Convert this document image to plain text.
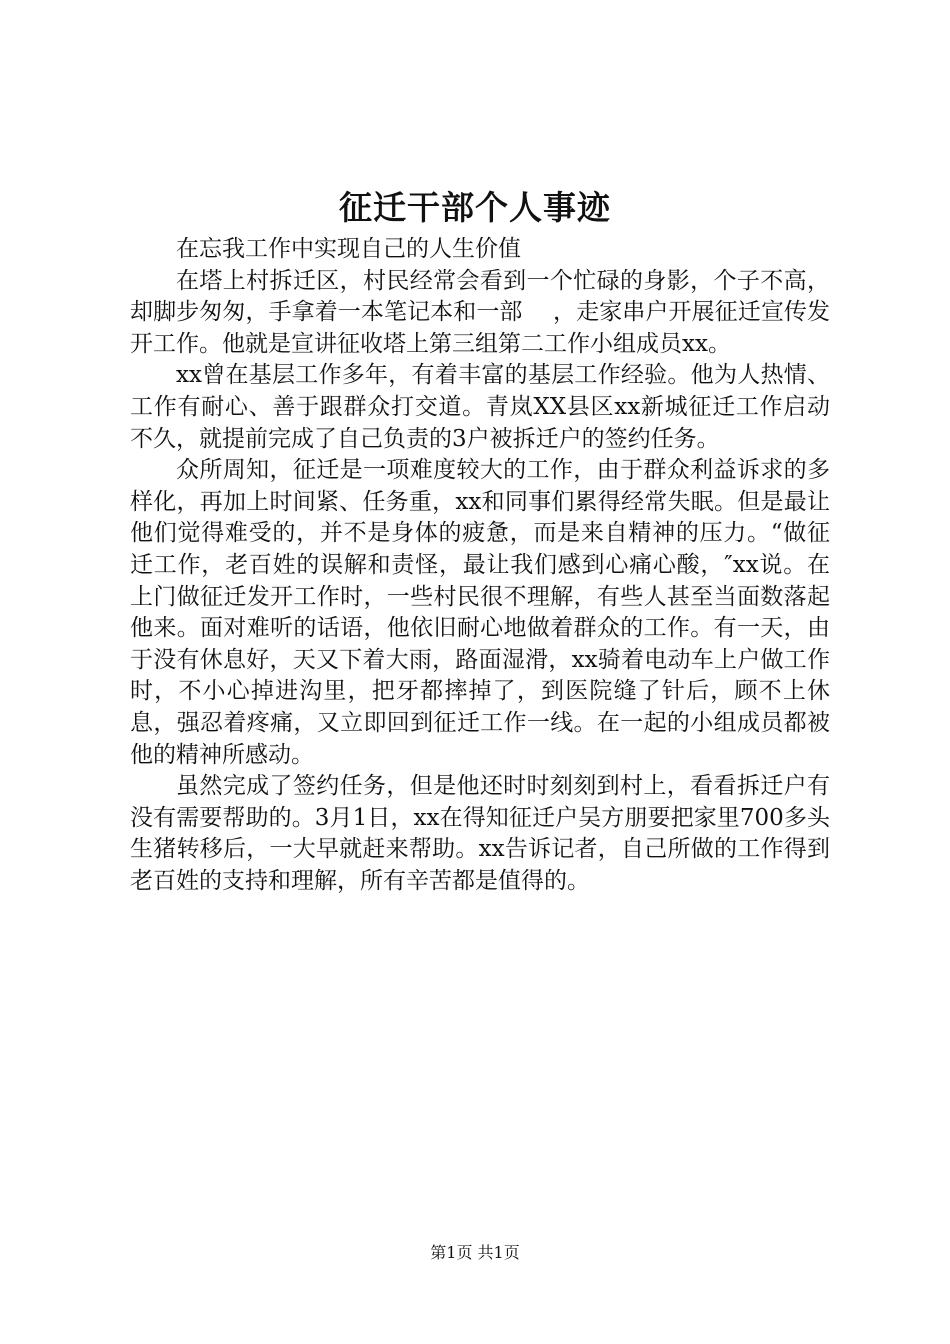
征迁干部个人事迹

在忘我工作中实现自己的人生价值

在塔上村拆迁区，村民经常会看到一个忙碌的身影，个子不高，却脚步匆匆，手拿着一本笔记本和一部　 ，走家串户开展征迁宣传发开工作。他就是宣讲征收塔上第三组第二工作小组成员xx。

xx曾在基层工作多年，有着丰富的基层工作经验。他为人热情、工作有耐心、善于跟群众打交道。青岚XX县区xx新城征迁工作启动不久，就提前完成了自己负责的3户被拆迁户的签约任务。

众所周知，征迁是一项难度较大的工作，由于群众利益诉求的多样化，再加上时间紧、任务重，xx和同事们累得经常失眠。但是最让他们觉得难受的，并不是身体的疲惫，而是来自精神的压力。“做征迁工作，老百姓的误解和责怪，最让我们感到心痛心酸，″xx说。在上门做征迁发开工作时，一些村民很不理解，有些人甚至当面数落起他来。面对难听的话语，他依旧耐心地做着群众的工作。有一天，由于没有休息好，天又下着大雨，路面湿滑，xx骑着电动车上户做工作时，不小心掉进沟里，把牙都摔掉了，到医院缝了针后，顾不上休息，强忍着疼痛，又立即回到征迁工作一线。在一起的小组成员都被他的精神所感动。

虽然完成了签约任务，但是他还时时刻刻到村上，看看拆迁户有没有需要帮助的。3月1日，xx在得知征迁户吴方朋要把家里700多头生猪转移后，一大早就赶来帮助。xx告诉记者，自己所做的工作得到老百姓的支持和理解，所有辛苦都是值得的。

第1页 共1页
